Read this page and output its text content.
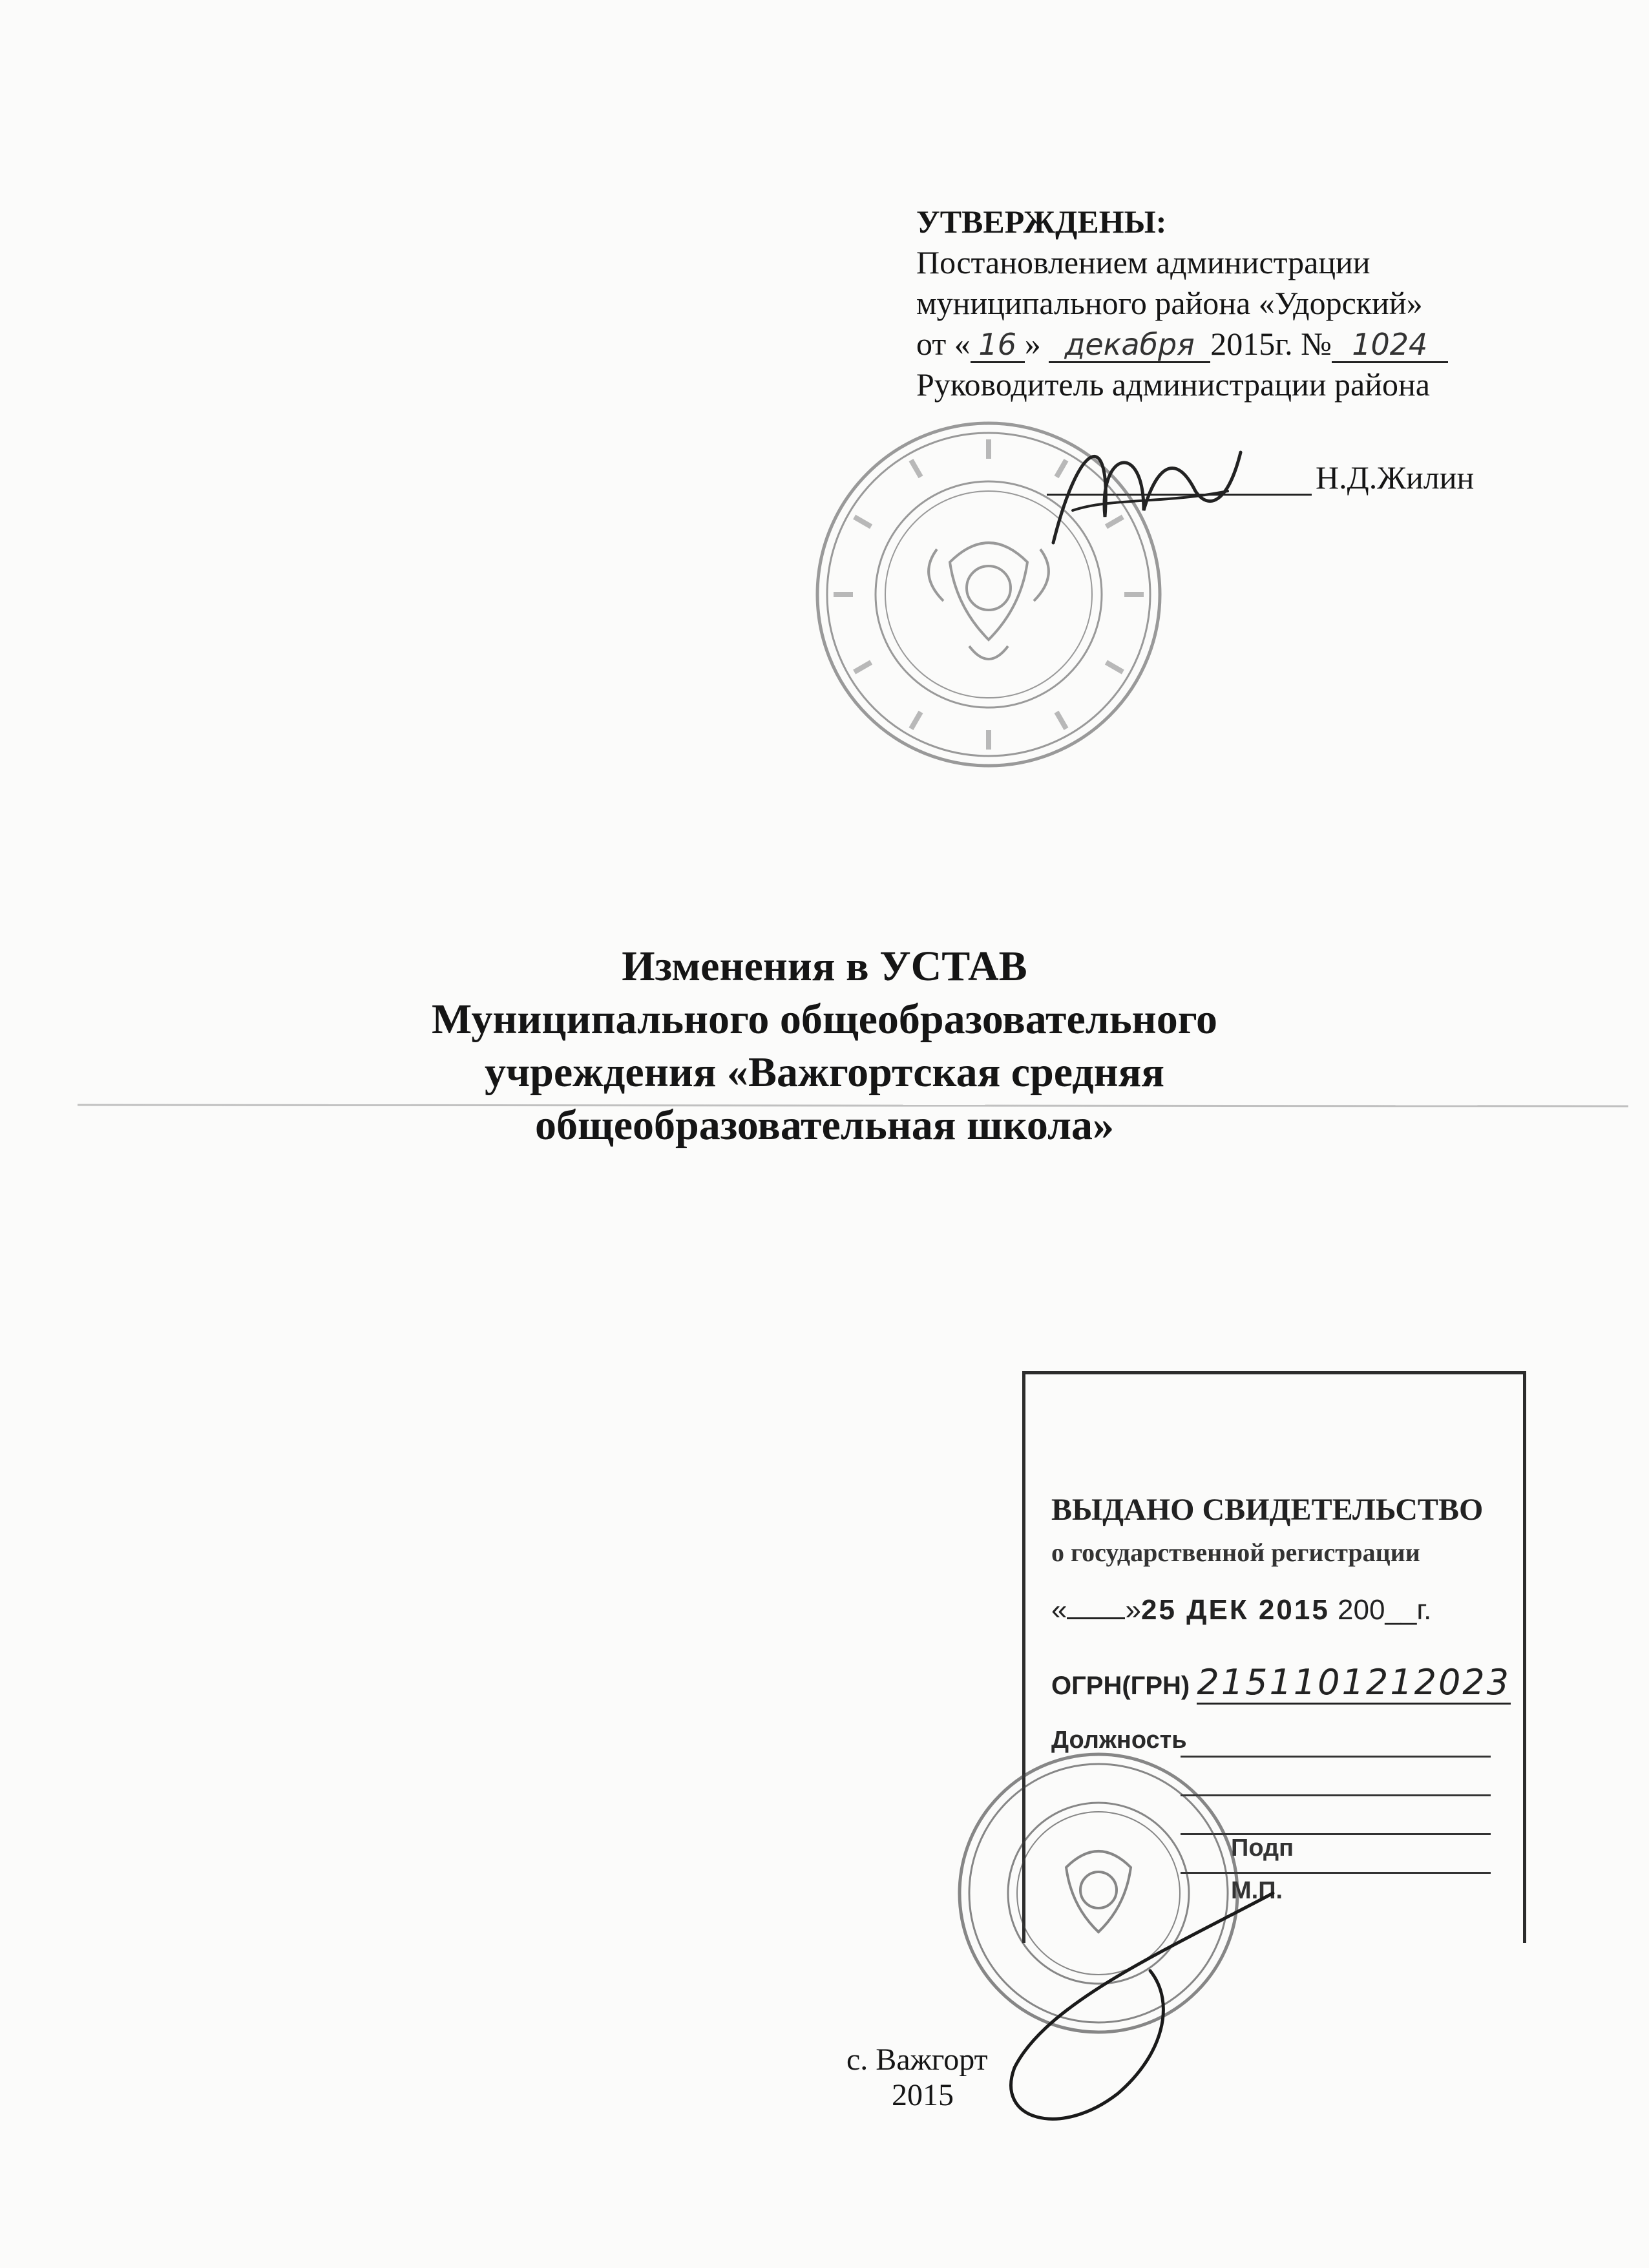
УТВЕРЖДЕНЫ:
Постановлением администрации
муниципального района «Удорский»
от « 16 » декабря 2015г. № 1024
Руководитель администрации района
Н.Д.Жилин
Изменения в УСТАВ
Муниципального общеобразовательного
учреждения «Важгортская средняя
общеобразовательная школа»
ВЫДАНО СВИДЕТЕЛЬСТВО
о государственной регистрации
« »25 ДЕК 2015 200__г.
ОГРН(ГРН) 2151101212023
Должность
Подп
М.П.
с. Важгорт
2015
